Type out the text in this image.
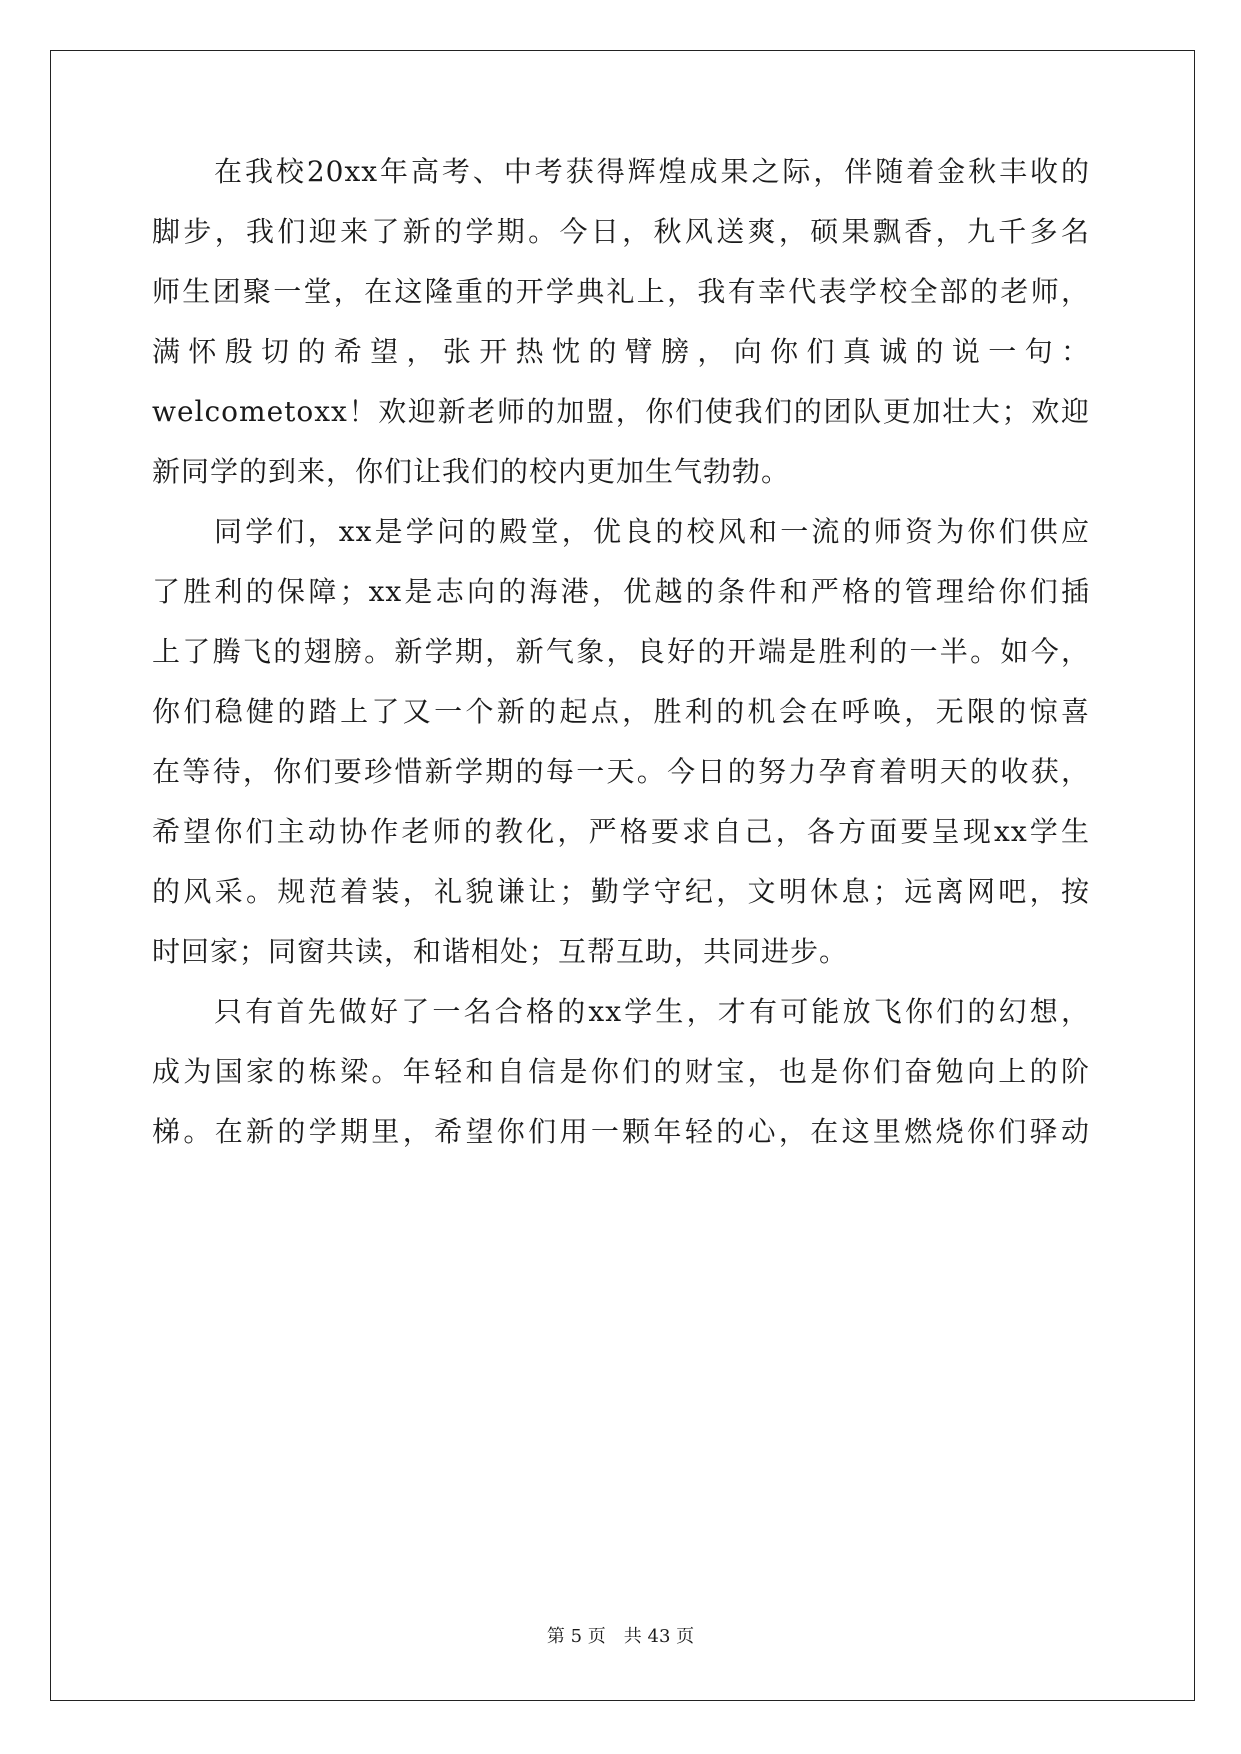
在我校20xx年高考、中考获得辉煌成果之际，伴随着金秋丰收的
脚步，我们迎来了新的学期。今日，秋风送爽，硕果飘香，九千多名
师生团聚一堂，在这隆重的开学典礼上，我有幸代表学校全部的老师，
满怀殷切的希望，张开热忱的臂膀，向你们真诚的说一句：
welcometoxx！欢迎新老师的加盟，你们使我们的团队更加壮大；欢迎
新同学的到来，你们让我们的校内更加生气勃勃。
同学们，xx是学问的殿堂，优良的校风和一流的师资为你们供应
了胜利的保障；xx是志向的海港，优越的条件和严格的管理给你们插
上了腾飞的翅膀。新学期，新气象，良好的开端是胜利的一半。如今，
你们稳健的踏上了又一个新的起点，胜利的机会在呼唤，无限的惊喜
在等待，你们要珍惜新学期的每一天。今日的努力孕育着明天的收获，
希望你们主动协作老师的教化，严格要求自己，各方面要呈现xx学生
的风采。规范着装，礼貌谦让；勤学守纪，文明休息；远离网吧，按
时回家；同窗共读，和谐相处；互帮互助，共同进步。
只有首先做好了一名合格的xx学生，才有可能放飞你们的幻想，
成为国家的栋梁。年轻和自信是你们的财宝，也是你们奋勉向上的阶
梯。在新的学期里，希望你们用一颗年轻的心，在这里燃烧你们驿动
第 5 页　共 43 页
